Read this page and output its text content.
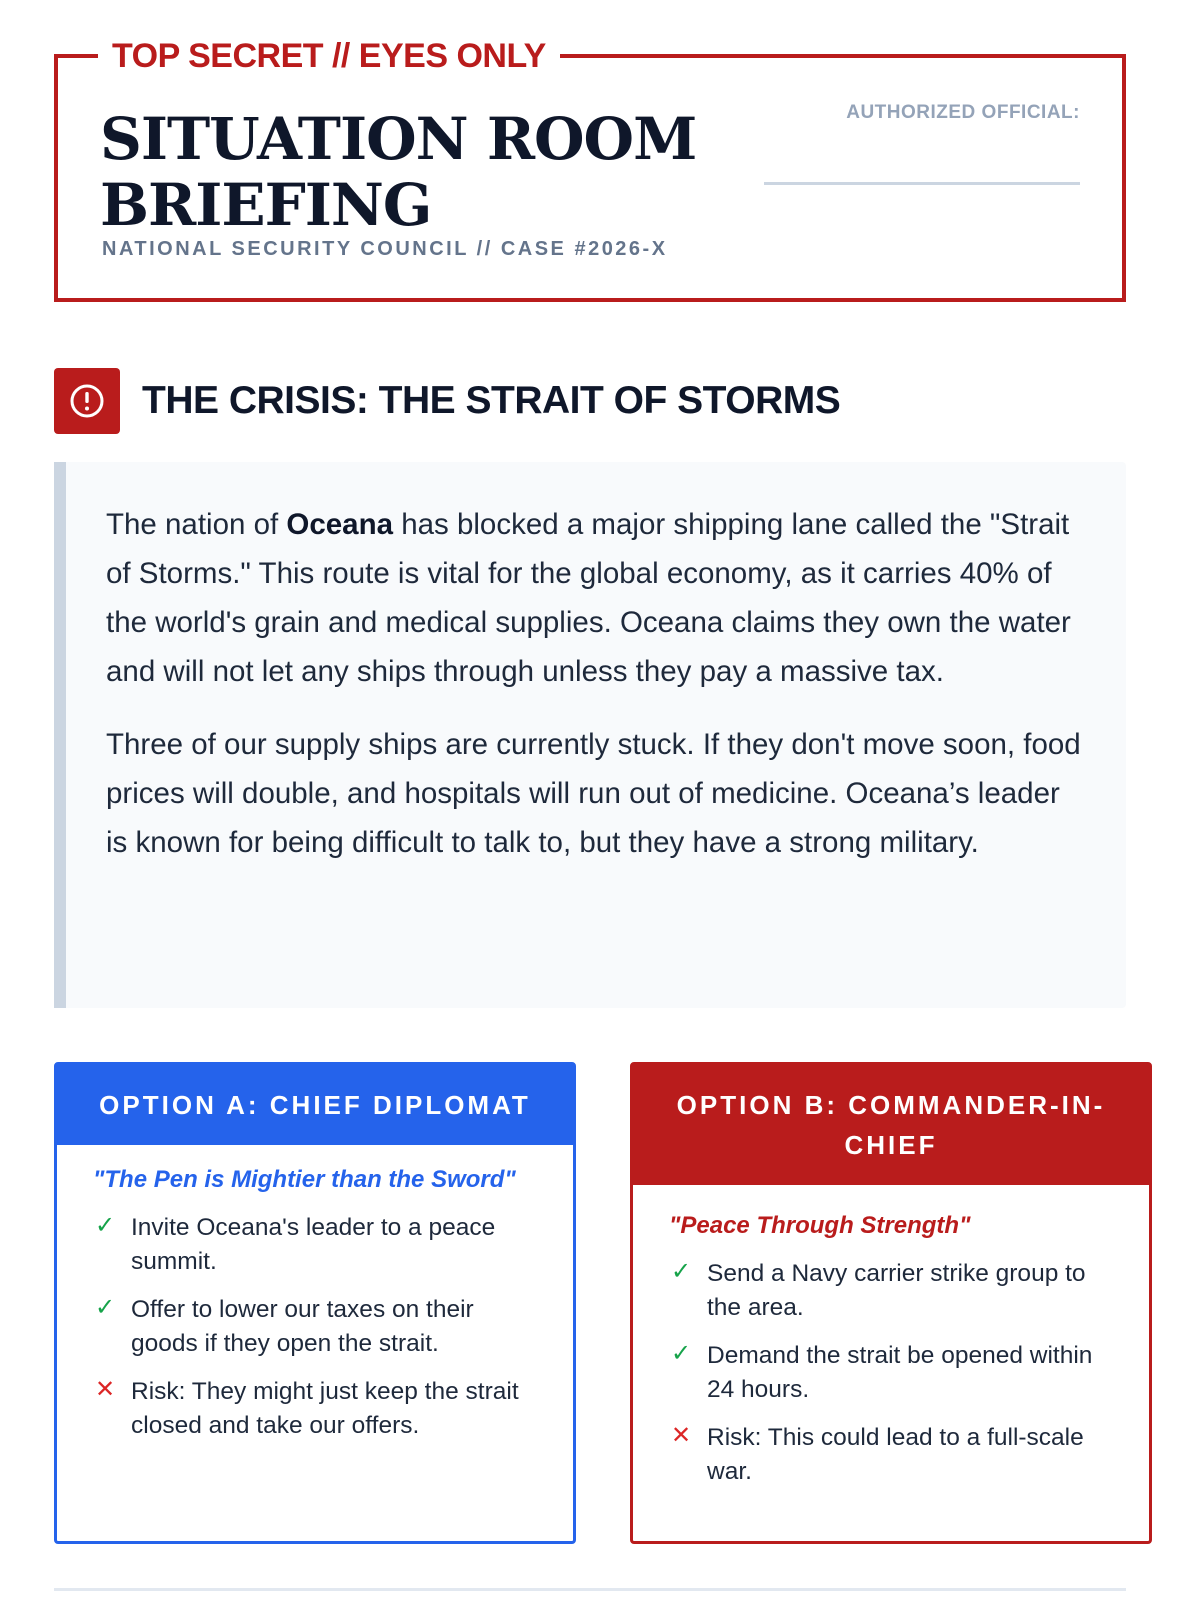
TOP SECRET // EYES ONLY
SITUATION ROOM
BRIEFING
NATIONAL SECURITY COUNCIL // CASE #2026-X
AUTHORIZED OFFICIAL:
THE CRISIS: THE STRAIT OF STORMS

The nation of Oceana has blocked a major shipping lane called the "Strait of Storms." This route is vital for the global economy, as it carries 40% of the world's grain and medical supplies. Oceana claims they own the water and will not let any ships through unless they pay a massive tax.

Three of our supply ships are currently stuck. If they don't move soon, food prices will double, and hospitals will run out of medicine. Oceana’s leader is known for being difficult to talk to, but they have a strong military.

OPTION A: CHIEF DIPLOMAT

"The Pen is Mightier than the Sword"

✓ Invite Oceana's leader to a peace summit.
✓ Offer to lower our taxes on their goods if they open the strait.
✕ Risk: They might just keep the strait closed and take our offers.
OPTION B: COMMANDER-IN-CHIEF

"Peace Through Strength"

✓ Send a Navy carrier strike group to the area.
✓ Demand the strait be opened within 24 hours.
✕ Risk: This could lead to a full-scale war.
